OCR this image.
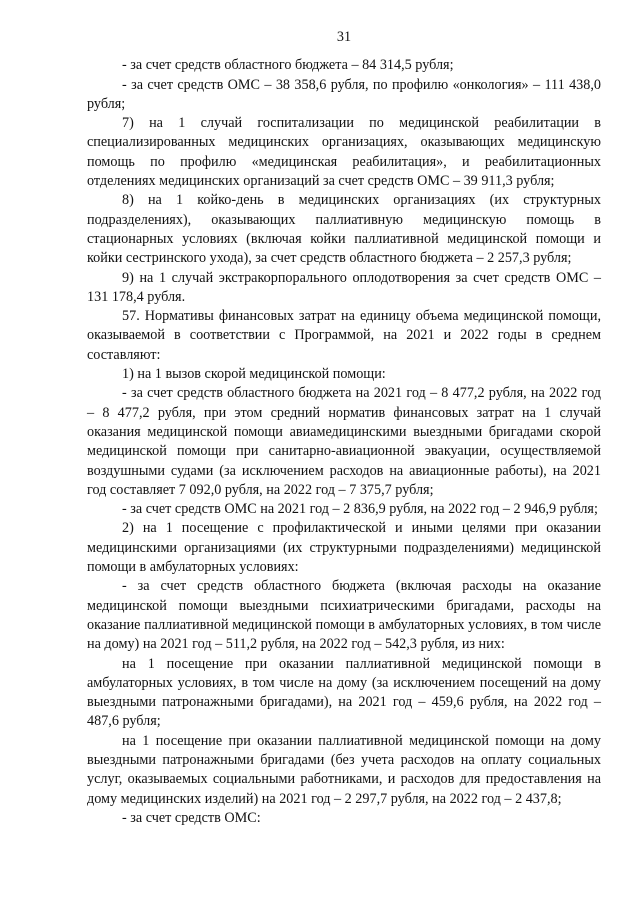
31

- за счет средств областного бюджета – 84 314,5 рубля;

- за счет средств ОМС – 38 358,6 рубля, по профилю «онкология» – 111 438,0 рубля;

7) на 1 случай госпитализации по медицинской реабилитации в специализированных медицинских организациях, оказывающих медицинскую помощь по профилю «медицинская реабилитация», и реабилитационных отделениях медицинских организаций за счет средств ОМС – 39 911,3 рубля;

8) на 1 койко-день в медицинских организациях (их структурных подразделениях), оказывающих паллиативную медицинскую помощь в стационарных условиях (включая койки паллиативной медицинской помощи и койки сестринского ухода), за счет средств областного бюджета – 2 257,3 рубля;

9) на 1 случай экстракорпорального оплодотворения за счет средств ОМС – 131 178,4 рубля.

57. Нормативы финансовых затрат на единицу объема медицинской помощи, оказываемой в соответствии с Программой, на 2021 и 2022 годы в среднем составляют:

1) на 1 вызов скорой медицинской помощи:

- за счет средств областного бюджета на 2021 год – 8 477,2 рубля, на 2022 год – 8 477,2 рубля, при этом средний норматив финансовых затрат на 1 случай оказания медицинской помощи авиамедицинскими выездными бригадами скорой медицинской помощи при санитарно-авиационной эвакуации, осуществляемой воздушными судами (за исключением расходов на авиационные работы), на 2021 год составляет 7 092,0 рубля, на 2022 год – 7 375,7 рубля;

- за счет средств ОМС на 2021 год – 2 836,9 рубля, на 2022 год – 2 946,9 рубля;

2) на 1 посещение с профилактической и иными целями при оказании медицинскими организациями (их структурными подразделениями) медицинской помощи в амбулаторных условиях:

- за счет средств областного бюджета (включая расходы на оказание медицинской помощи выездными психиатрическими бригадами, расходы на оказание паллиативной медицинской помощи в амбулаторных условиях, в том числе на дому) на 2021 год – 511,2 рубля, на 2022 год – 542,3 рубля, из них:

на 1 посещение при оказании паллиативной медицинской помощи в амбулаторных условиях, в том числе на дому (за исключением посещений на дому выездными патронажными бригадами), на 2021 год – 459,6 рубля, на 2022 год – 487,6 рубля;

на 1 посещение при оказании паллиативной медицинской помощи на дому выездными патронажными бригадами (без учета расходов на оплату социальных услуг, оказываемых социальными работниками, и расходов для предоставления на дому медицинских изделий) на 2021 год – 2 297,7 рубля, на 2022 год – 2 437,8;

- за счет средств ОМС:
